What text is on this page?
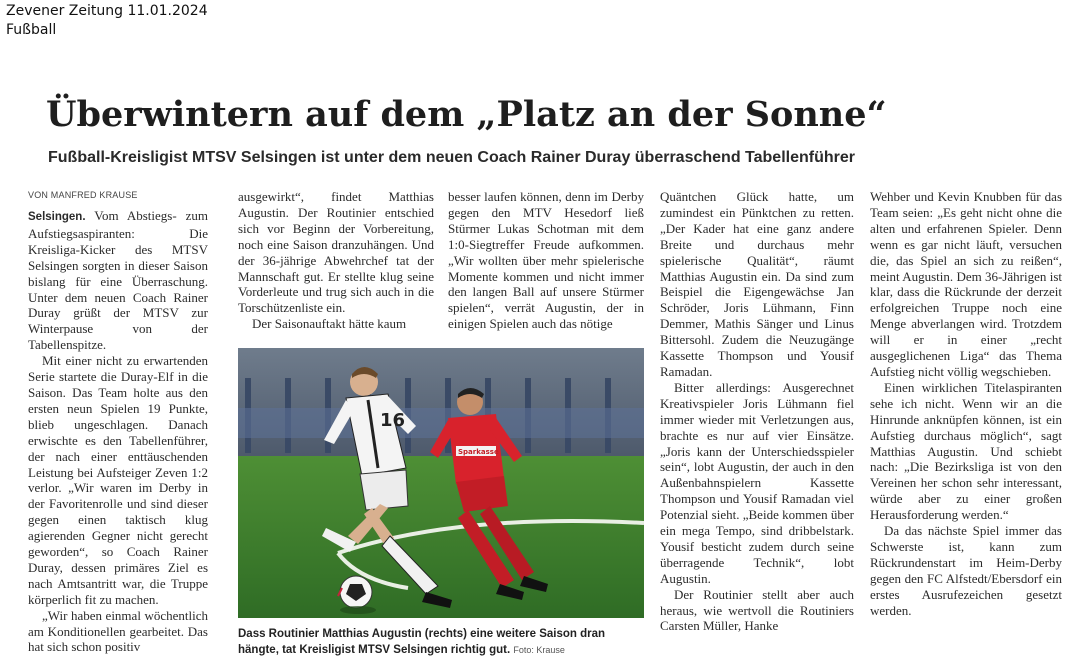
Zevener Zeitung 11.01.2024
Fußball
Überwintern auf dem „Platz an der Sonne“
Fußball-Kreisligist MTSV Selsingen ist unter dem neuen Coach Rainer Duray überraschend Tabellenführer
VON MANFRED KRAUSE

Selsingen. Vom Abstiegs- zum Aufstiegsaspiranten: Die Kreisliga-Kicker des MTSV Selsingen sorgten in dieser Saison bislang für eine Überraschung. Unter dem neuen Coach Rainer Duray grüßt der MTSV zur Winterpause von der Tabellenspitze.

Mit einer nicht zu erwartenden Serie startete die Duray-Elf in die Saison. Das Team holte aus den ersten neun Spielen 19 Punkte, blieb ungeschlagen. Danach erwischte es den Tabellenführer, der nach einer enttäuschenden Leistung bei Aufsteiger Zeven 1:2 verlor. „Wir waren im Derby in der Favoritenrolle und sind dieser gegen einen taktisch klug agierenden Gegner nicht gerecht geworden“, so Coach Rainer Duray, dessen primäres Ziel es nach Amtsantritt war, die Truppe körperlich fit zu machen.

„Wir haben einmal wöchentlich am Konditionellen gearbeitet. Das hat sich schon positiv

ausgewirkt“, findet Matthias Augustin. Der Routinier entschied sich vor Beginn der Vorbereitung, noch eine Saison dranzuhängen. Und der 36-jährige Abwehrchef tat der Mannschaft gut. Er stellte klug seine Vorderleute und trug sich auch in die Torschützenliste ein.

Der Saisonauftakt hätte kaum

besser laufen können, denn im Derby gegen den MTV Hesedorf ließ Stürmer Lukas Schotman mit dem 1:0-Siegtreffer Freude aufkommen. „Wir wollten über mehr spielerische Momente kommen und nicht immer den langen Ball auf unsere Stürmer spielen“, verrät Augustin, der in einigen Spielen auch das nötige

Quäntchen Glück hatte, um zumindest ein Pünktchen zu retten. „Der Kader hat eine ganz andere Breite und durchaus mehr spielerische Qualität“, räumt Matthias Augustin ein. Da sind zum Beispiel die Eigengewächse Jan Schröder, Joris Lühmann, Finn Demmer, Mathis Sänger und Linus Bittersohl. Zudem die Neuzugänge Kassette Thompson und Yousif Ramadan.

Bitter allerdings: Ausgerechnet Kreativspieler Joris Lühmann fiel immer wieder mit Verletzungen aus, brachte es nur auf vier Einsätze. „Joris kann der Unterschiedsspieler sein“, lobt Augustin, der auch in den Außenbahnspielern Kassette Thompson und Yousif Ramadan viel Potenzial sieht. „Beide kommen über ein mega Tempo, sind dribbelstark. Yousif besticht zudem durch seine überragende Technik“, lobt Augustin.

Der Routinier stellt aber auch heraus, wie wertvoll die Routiniers Carsten Müller, Hanke

Wehber und Kevin Knubben für das Team seien: „Es geht nicht ohne die alten und erfahrenen Spieler. Denn wenn es gar nicht läuft, versuchen die, das Spiel an sich zu reißen“, meint Augustin. Dem 36-Jährigen ist klar, dass die Rückrunde der derzeit erfolgreichen Truppe noch eine Menge abverlangen wird. Trotzdem will er in einer „recht ausgeglichenen Liga“ das Thema Aufstieg nicht völlig wegschieben.

Einen wirklichen Titelaspiranten sehe ich nicht. Wenn wir an die Hinrunde anknüpfen können, ist ein Aufstieg durchaus möglich“, sagt Matthias Augustin. Und schiebt nach: „Die Bezirksliga ist von den Vereinen her schon sehr interessant, würde aber zu einer großen Herausforderung werden.“

Da das nächste Spiel immer das Schwerste ist, kann zum Rückrundenstart im Heim-Derby gegen den FC Alfstedt/Ebersdorf ein erstes Ausrufezeichen gesetzt werden.

16
Sparkasse
Dass Routinier Matthias Augustin (rechts) eine weitere Saison dran hängte, tat Kreisligist MTSV Selsingen richtig gut. Foto: Krause
